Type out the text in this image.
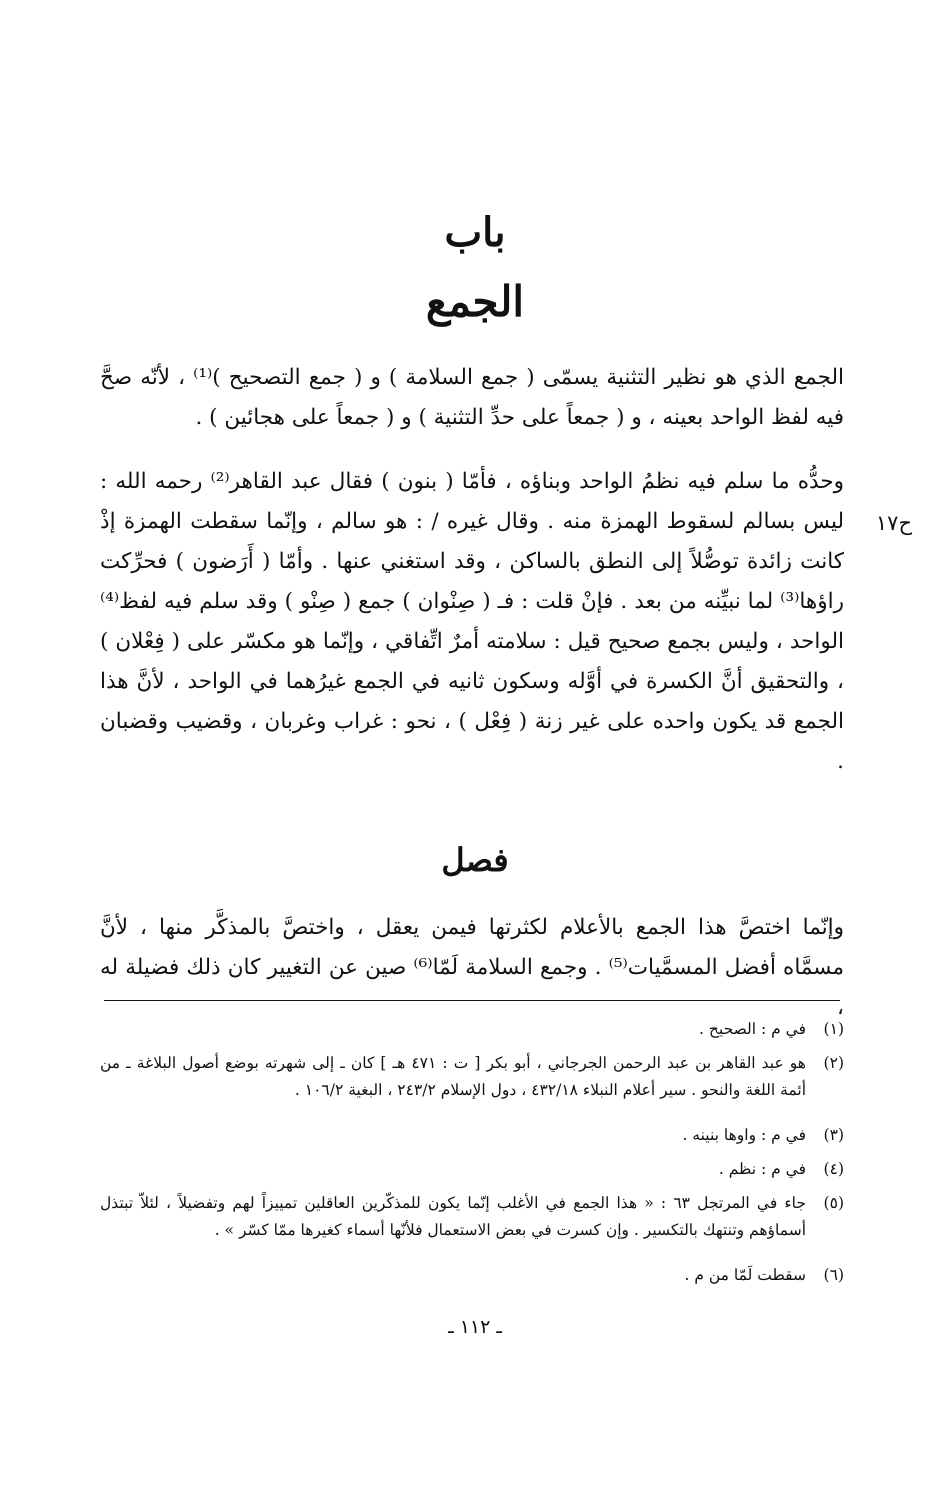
باب
الجمع

الجمع الذي هو نظير التثنية يسمّى ( جمع السلامة ) و ( جمع التصحيح )⁽¹⁾ ، لأنّه صحَّ فيه لفظ الواحد بعينه ، و ( جمعاً على حدِّ التثنية ) و ( جمعاً على هجائين ) .

وحدُّه ما سلم فيه نظمُ الواحد وبناؤه ، فأمّا ( بنون ) فقال عبد القاهر⁽²⁾ رحمه الله : ليس بسالم لسقوط الهمزة منه . وقال غيره / : هو سالم ، وإنّما سقطت الهمزة إذْ كانت زائدة توصُّلاً إلى النطق بالساكن ، وقد استغني عنها . وأمّا ( أَرَضون ) فحرِّكت راؤها⁽³⁾ لما نبيِّنه من بعد . فإنْ قلت : فـ ( صِنْوان ) جمع ( صِنْو ) وقد سلم فيه لفظ⁽⁴⁾ الواحد ، وليس بجمع صحيح قيل : سلامته أمرٌ اتِّفاقي ، وإنّما هو مكسّر على ( فِعْلان ) ، والتحقيق أنَّ الكسرة في أوَّله وسكون ثانيه في الجمع غيرُهما في الواحد ، لأنَّ هذا الجمع قد يكون واحده على غير زنة ( فِعْل ) ، نحو : غراب وغربان ، وقضيب وقضبان .

ح١٧
فصل

وإنّما اختصَّ هذا الجمع بالأعلام لكثرتها فيمن يعقل ، واختصَّ بالمذكَّر منها ، لأنَّ مسمَّاه أفضل المسمَّيات⁽⁵⁾ . وجمع السلامة لَمّا⁽⁶⁾ صين عن التغيير كان ذلك فضيلة له ،

(١)
في م : الصحيح .
(٢)
هو عبد القاهر بن عبد الرحمن الجرجاني ، أبو بكر [ ت : ٤٧١ هـ ] كان ـ إلى شهرته بوضع أصول البلاغة ـ من أئمة اللغة والنحو . سير أعلام النبلاء ٤٣٢/١٨ ، دول الإسلام ٢٤٣/٢ ، البغية ١٠٦/٢ .
(٣)
في م : واوها بنينه .
(٤)
في م : نظم .
(٥)
جاء في المرتجل ٦٣ : « هذا الجمع في الأغلب إنّما يكون للمذكّرين العاقلين تمييزاً لهم وتفضيلاً ، لئلاّ تبتذل أسماؤهم وتنتهك بالتكسير . وإن كسرت في بعض الاستعمال فلأنّها أسماء كغيرها ممّا كسّر » .
(٦)
سقطت لَمّا من م .
ـ ١١٢ ـ
